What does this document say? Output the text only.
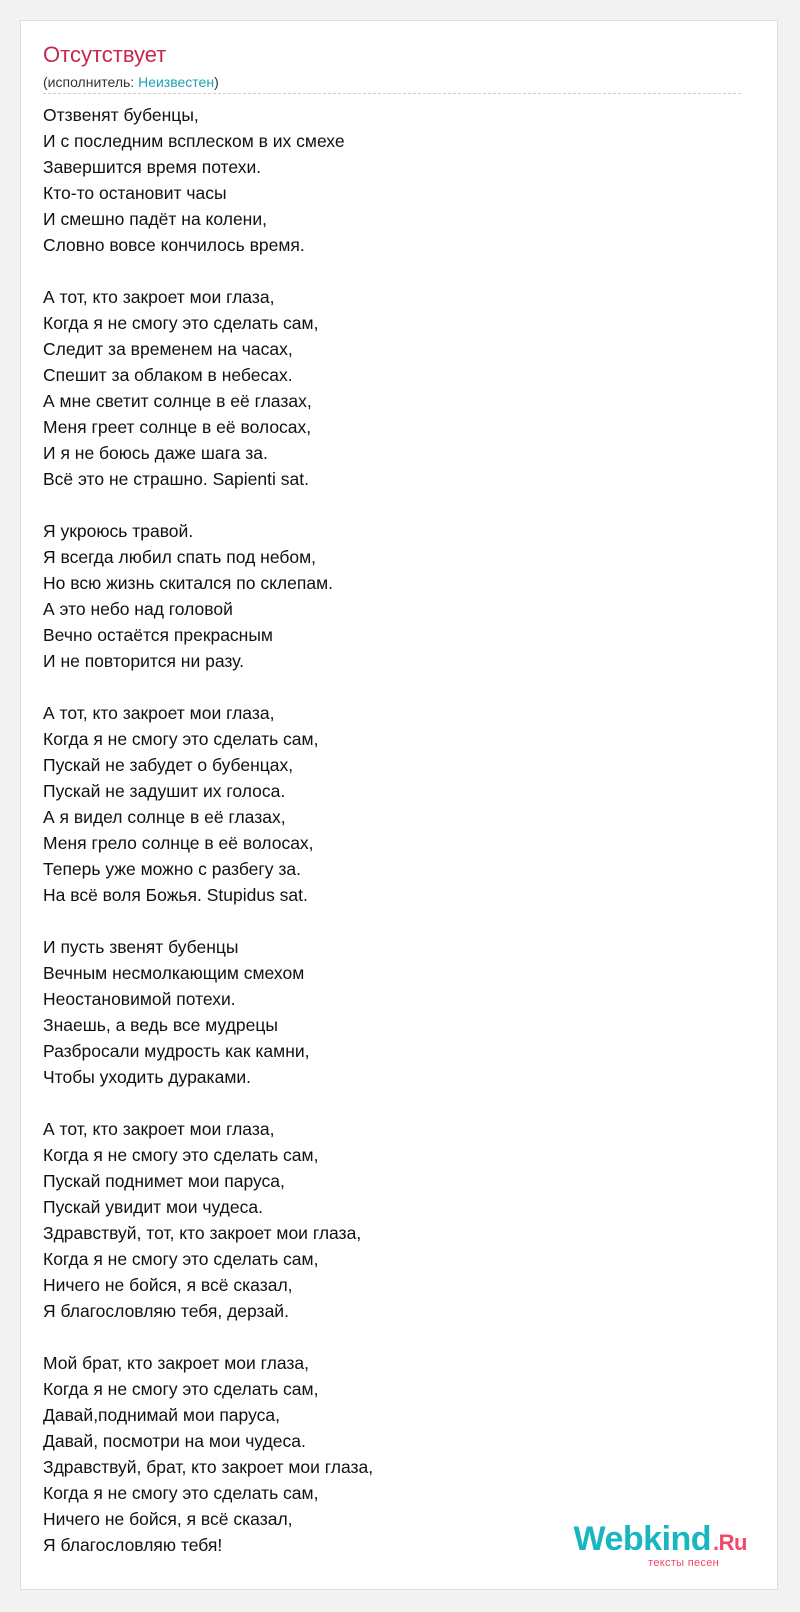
Отсутствует
(исполнитель: Неизвестен)
Отзвенят бубенцы,
И с последним всплеском в их смехе
Завершится время потехи.
Кто-то остановит часы
И смешно падёт на колени,
Словно вовсе кончилось время.
А тот, кто закроет мои глаза,
Когда я не смогу это сделать сам,
Следит за временем на часах,
Спешит за облаком в небесах.
А мне светит солнце в её глазах,
Меня греет солнце в её волосах,
И я не боюсь даже шага за.
Всё это не страшно. Sapienti sat.
Я укроюсь травой.
Я всегда любил спать под небом,
Но всю жизнь скитался по склепам.
А это небо над головой
Вечно остаётся прекрасным
И не повторится ни разу.
А тот, кто закроет мои глаза,
Когда я не смогу это сделать сам,
Пускай не забудет о бубенцах,
Пускай не задушит их голоса.
А я видел солнце в её глазах,
Меня грело солнце в её волосах,
Теперь уже можно с разбегу за.
На всё воля Божья. Stupidus sat.
И пусть звенят бубенцы
Вечным несмолкающим смехом
Неостановимой потехи.
Знаешь, а ведь все мудрецы
Разбросали мудрость как камни,
Чтобы уходить дураками.
А тот, кто закроет мои глаза,
Когда я не смогу это сделать сам,
Пускай поднимет мои паруса,
Пускай увидит мои чудеса.
Здравствуй, тот, кто закроет мои глаза,
Когда я не смогу это сделать сам,
Ничего не бойся, я всё сказал,
Я благословляю тебя, дерзай.
Мой брат, кто закроет мои глаза,
Когда я не смогу это сделать сам,
Давай,поднимай мои паруса,
Давай, посмотри на мои чудеса.
Здравствуй, брат, кто закроет мои глаза,
Когда я не смогу это сделать сам,
Ничего не бойся, я всё сказал,
Я благословляю тебя!	Webkind.Ru
тексты песен
